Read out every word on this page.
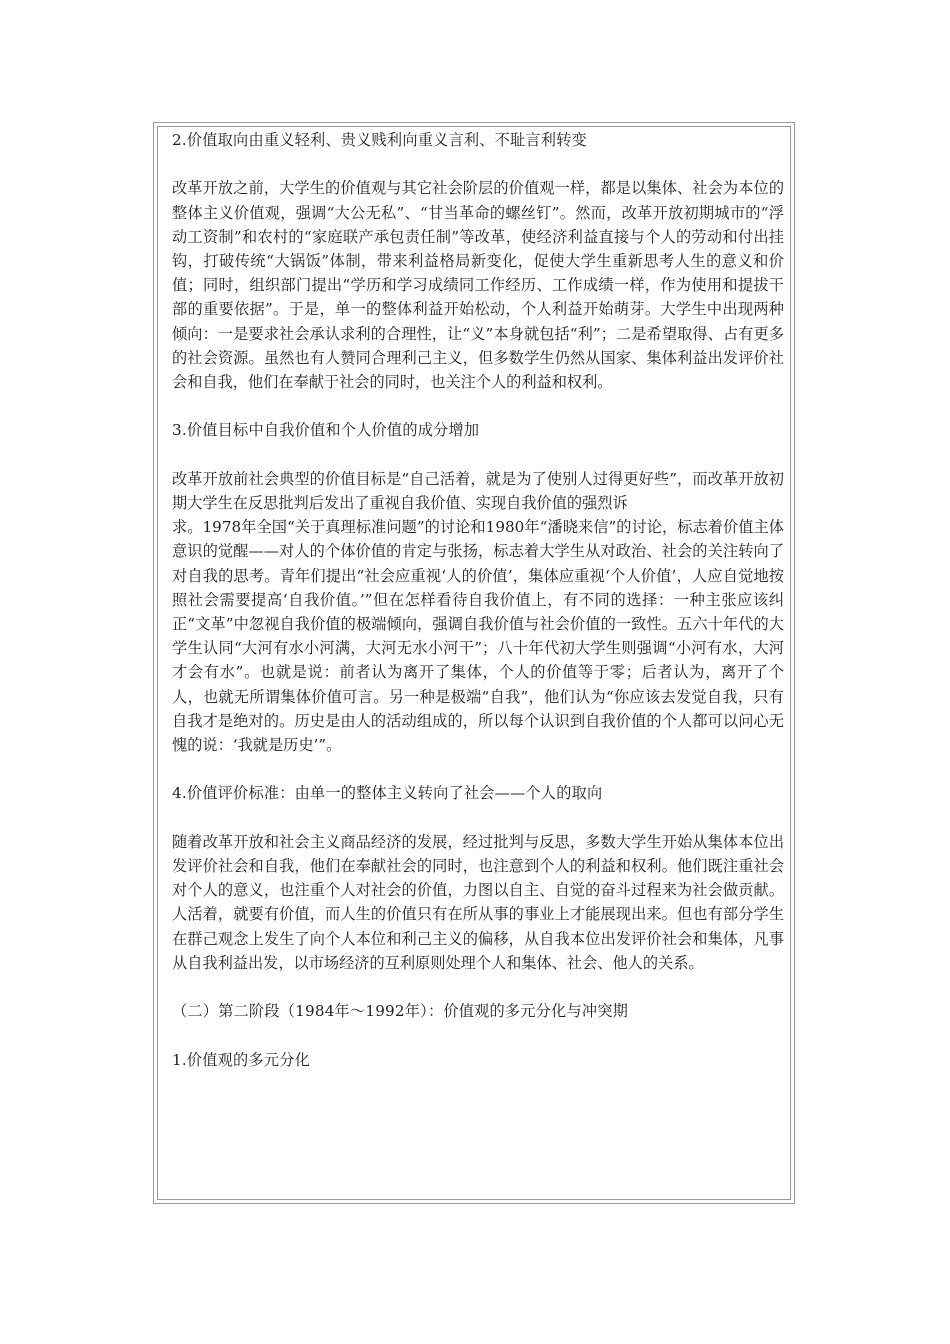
2.价值取向由重义轻利、贵义贱利向重义言利、不耻言利转变

改革开放之前，大学生的价值观与其它社会阶层的价值观一样，都是以集体、社会为本位的整体主义价值观，强调“大公无私”、“甘当革命的螺丝钉”。然而，改革开放初期城市的“浮动工资制”和农村的“家庭联产承包责任制”等改革，使经济利益直接与个人的劳动和付出挂钩，打破传统“大锅饭”体制，带来利益格局新变化，促使大学生重新思考人生的意义和价值；同时，组织部门提出“学历和学习成绩同工作经历、工作成绩一样，作为使用和提拔干部的重要依据”。于是，单一的整体利益开始松动，个人利益开始萌芽。大学生中出现两种倾向：一是要求社会承认求利的合理性，让“义”本身就包括“利”；二是希望取得、占有更多的社会资源。虽然也有人赞同合理利己主义，但多数学生仍然从国家、集体利益出发评价社会和自我，他们在奉献于社会的同时，也关注个人的利益和权利。

3.价值目标中自我价值和个人价值的成分增加

改革开放前社会典型的价值目标是“自己活着，就是为了使别人过得更好些”，而改革开放初期大学生在反思批判后发出了重视自我价值、实现自我价值的强烈诉

求。1978年全国“关于真理标准问题”的讨论和1980年“潘晓来信”的讨论，标志着价值主体意识的觉醒——对人的个体价值的肯定与张扬，标志着大学生从对政治、社会的关注转向了对自我的思考。青年们提出“社会应重视‘人的价值’，集体应重视‘个人价值’，人应自觉地按照社会需要提高‘自我价值。’”但在怎样看待自我价值上，有不同的选择：一种主张应该纠正“文革”中忽视自我价值的极端倾向，强调自我价值与社会价值的一致性。五六十年代的大学生认同“大河有水小河满，大河无水小河干”；八十年代初大学生则强调“小河有水，大河才会有水”。也就是说：前者认为离开了集体，个人的价值等于零；后者认为，离开了个人，也就无所谓集体价值可言。另一种是极端“自我”，他们认为“你应该去发觉自我，只有自我才是绝对的。历史是由人的活动组成的，所以每个认识到自我价值的个人都可以问心无愧的说：‘我就是历史’”。

4.价值评价标准：由单一的整体主义转向了社会——个人的取向

随着改革开放和社会主义商品经济的发展，经过批判与反思，多数大学生开始从集体本位出发评价社会和自我，他们在奉献社会的同时，也注意到个人的利益和权利。他们既注重社会对个人的意义，也注重个人对社会的价值，力图以自主、自觉的奋斗过程来为社会做贡献。人活着，就要有价值，而人生的价值只有在所从事的事业上才能展现出来。但也有部分学生在群己观念上发生了向个人本位和利己主义的偏移，从自我本位出发评价社会和集体，凡事从自我利益出发，以市场经济的互利原则处理个人和集体、社会、他人的关系。

（二）第二阶段（1984年～1992年）：价值观的多元分化与冲突期

1.价值观的多元分化
